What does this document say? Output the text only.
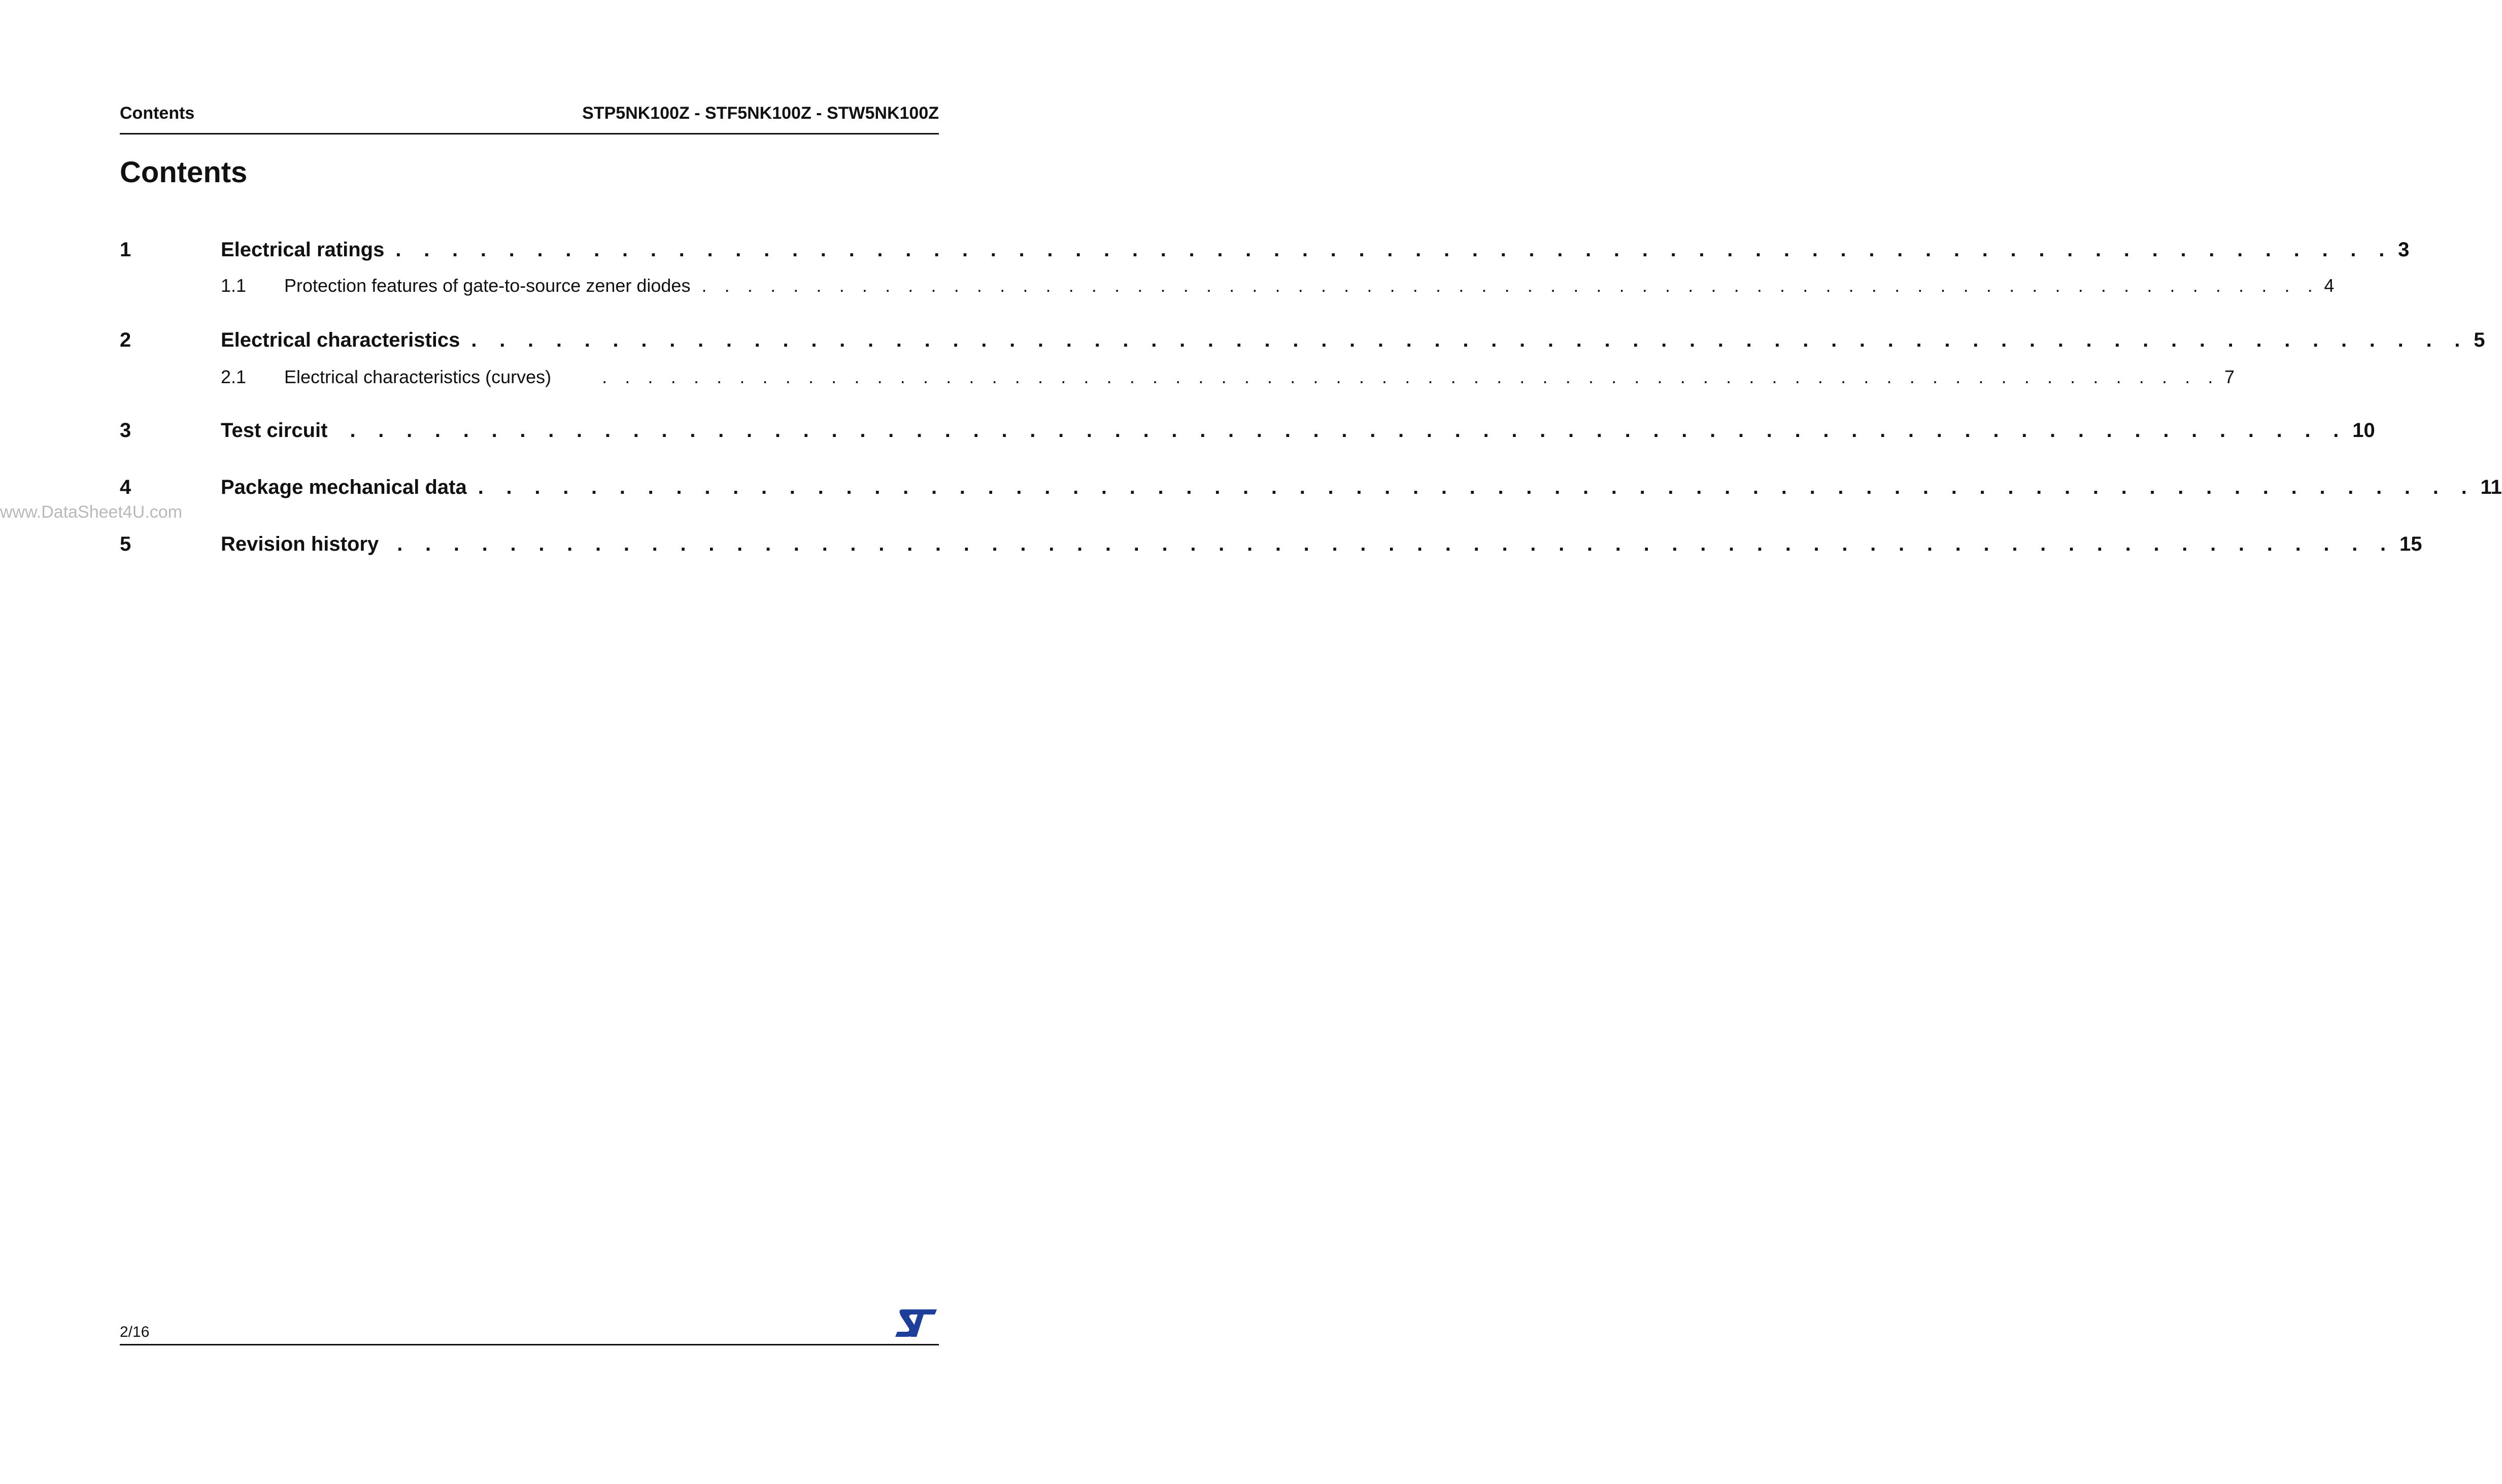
Contents	STP5NK100Z - STF5NK100Z - STW5NK100Z
Contents
1	Electrical ratings . . . . . . . . . . . . . . . . . . . . . . . . . . . . . . . . . . . . . . . . . . . . . . . . . . . . . . . . . . . . . . . . . . . . . . . 3
1.1	Protection features of gate-to-source zener diodes . . . . . . . . . . . . . . . . . . . . . . . . . . . . . . . . . . . . . . . . . . . . . . . . . . . . . . . . . . . . . . . . . . . . . . . 4
2	Electrical characteristics . . . . . . . . . . . . . . . . . . . . . . . . . . . . . . . . . . . . . . . . . . . . . . . . . . . . . . . . . . . . . . . . . . . . . . . 5
2.1	Electrical characteristics (curves)	. . . . . . . . . . . . . . . . . . . . . . . . . . . . . . . . . . . . . . . . . . . . . . . . . . . . . . . . . . . . . . . . . . . . . . . 7
3	Test circuit . . . . . . . . . . . . . . . . . . . . . . . . . . . . . . . . . . . . . . . . . . . . . . . . . . . . . . . . . . . . . . . . . . . . . . . 10
4	Package mechanical data . . . . . . . . . . . . . . . . . . . . . . . . . . . . . . . . . . . . . . . . . . . . . . . . . . . . . . . . . . . . . . . . . . . . . . . 11
5	Revision history . . . . . . . . . . . . . . . . . . . . . . . . . . . . . . . . . . . . . . . . . . . . . . . . . . . . . . . . . . . . . . . . . . . . . . . 15
www.DataSheet4U.com
2/16
